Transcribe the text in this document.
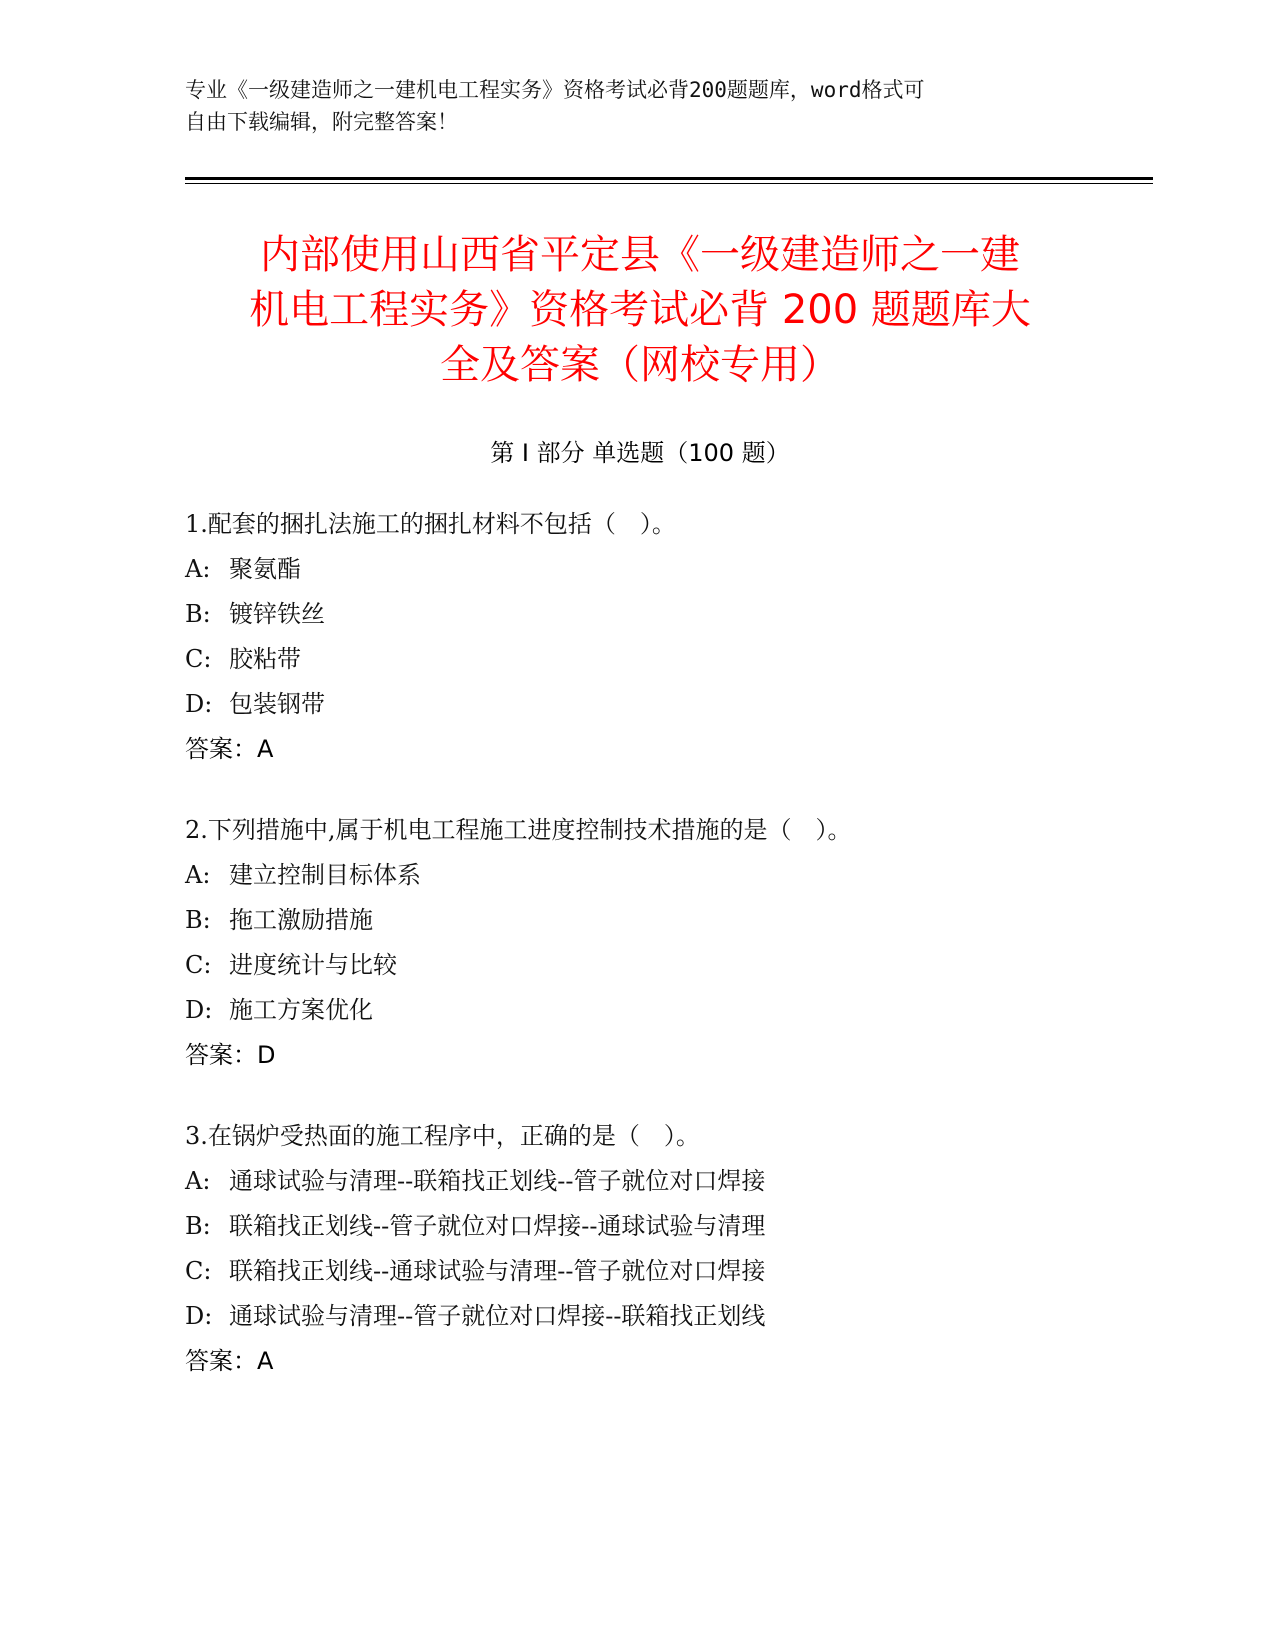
专业《一级建造师之一建机电工程实务》资格考试必背200题题库，word格式可
自由下载编辑，附完整答案！
内部使用山西省平定县《一级建造师之一建
机电工程实务》资格考试必背 200 题题库大
全及答案（网校专用）
第 I 部分 单选题（100 题）
1.配套的捆扎法施工的捆扎材料不包括（　）。
A: 聚氨酯
B: 镀锌铁丝
C: 胶粘带
D: 包装钢带
答案：A
2.下列措施中,属于机电工程施工进度控制技术措施的是（　）。
A: 建立控制目标体系
B: 拖工激励措施
C: 进度统计与比较
D: 施工方案优化
答案：D
3.在锅炉受热面的施工程序中，正确的是（　）。
A: 通球试验与清理--联箱找正划线--管子就位对口焊接
B: 联箱找正划线--管子就位对口焊接--通球试验与清理
C: 联箱找正划线--通球试验与清理--管子就位对口焊接
D: 通球试验与清理--管子就位对口焊接--联箱找正划线
答案：A
